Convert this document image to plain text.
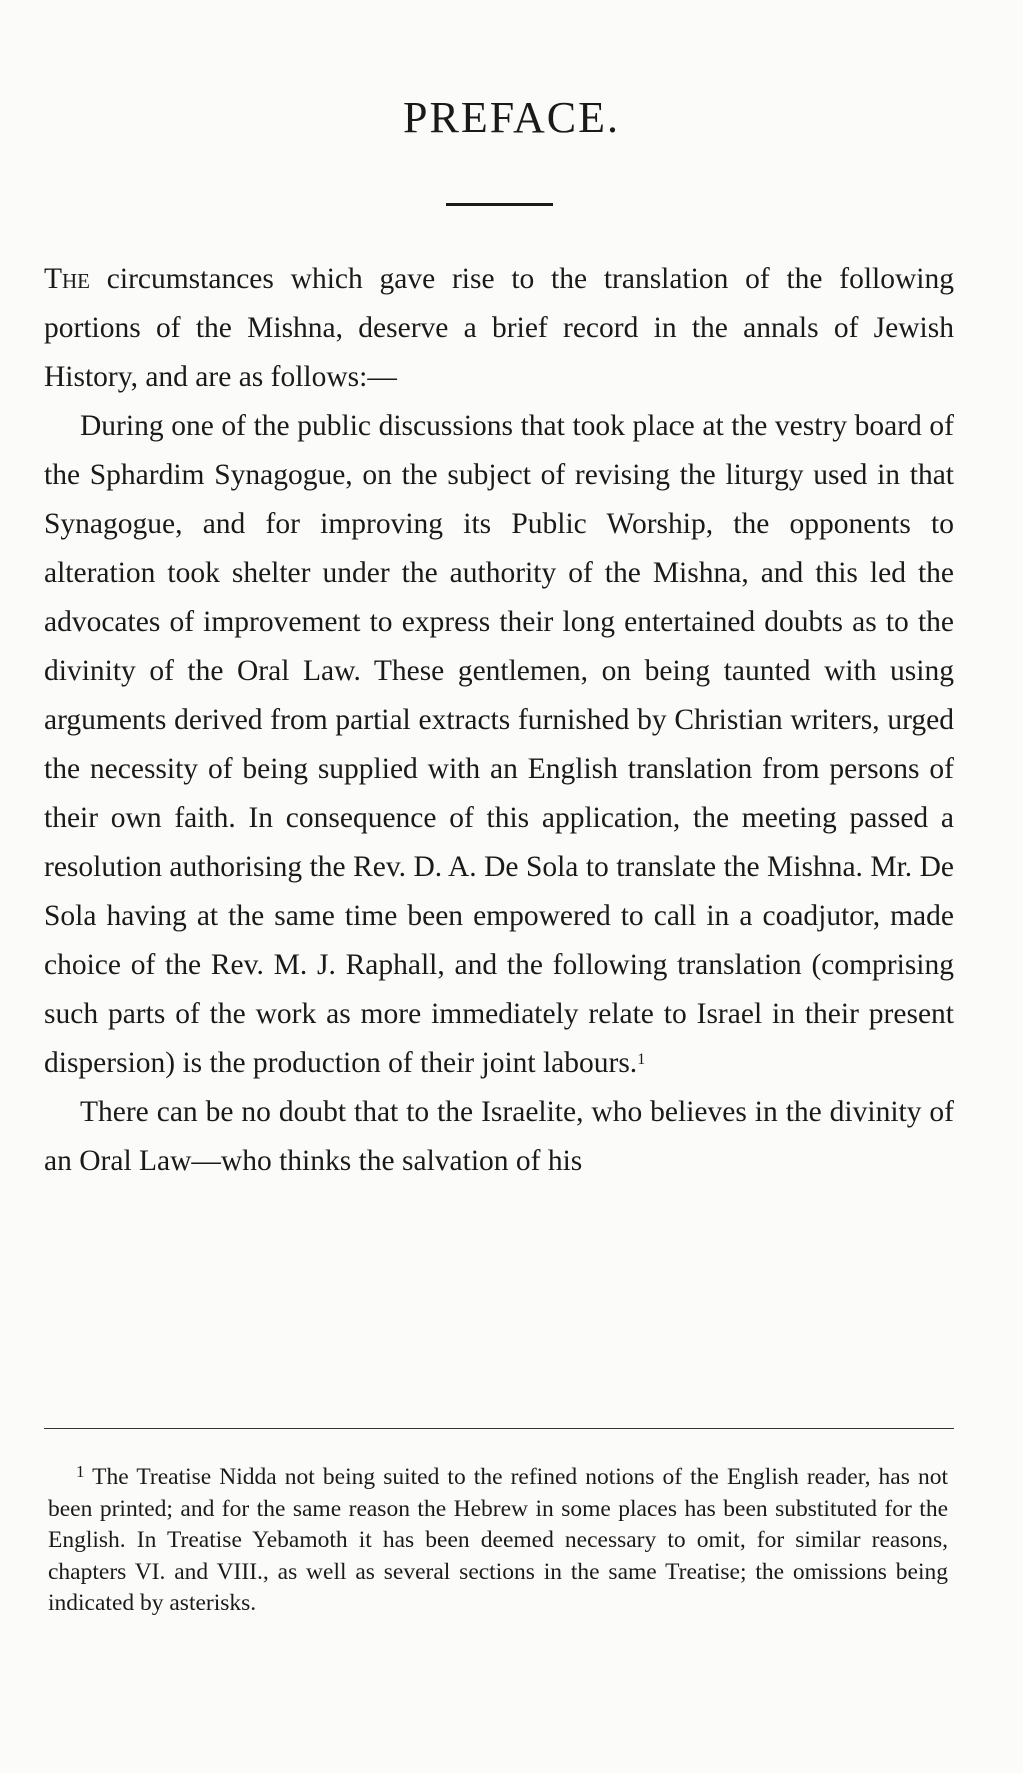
PREFACE.

The circumstances which gave rise to the translation of the following portions of the Mishna, deserve a brief record in the annals of Jewish History, and are as follows:—

During one of the public discussions that took place at the vestry board of the Sphardim Synagogue, on the subject of revising the liturgy used in that Synagogue, and for improving its Public Worship, the opponents to alteration took shelter under the authority of the Mishna, and this led the advocates of improvement to express their long entertained doubts as to the divinity of the Oral Law. These gentlemen, on being taunted with using arguments derived from partial extracts furnished by Christian writers, urged the necessity of being supplied with an English translation from persons of their own faith. In consequence of this application, the meeting passed a resolution authorising the Rev. D. A. De Sola to translate the Mishna. Mr. De Sola having at the same time been empowered to call in a coadjutor, made choice of the Rev. M. J. Raphall, and the following translation (comprising such parts of the work as more immediately relate to Israel in their present dispersion) is the production of their joint labours.$^1$

There can be no doubt that to the Israelite, who believes in the divinity of an Oral Law—who thinks the salvation of his

$^1$ The Treatise Nidda not being suited to the refined notions of the English reader, has not been printed; and for the same reason the Hebrew in some places has been substituted for the English. In Treatise Yebamoth it has been deemed necessary to omit, for similar reasons, chapters VI. and VIII., as well as several sections in the same Treatise; the omissions being indicated by asterisks.
